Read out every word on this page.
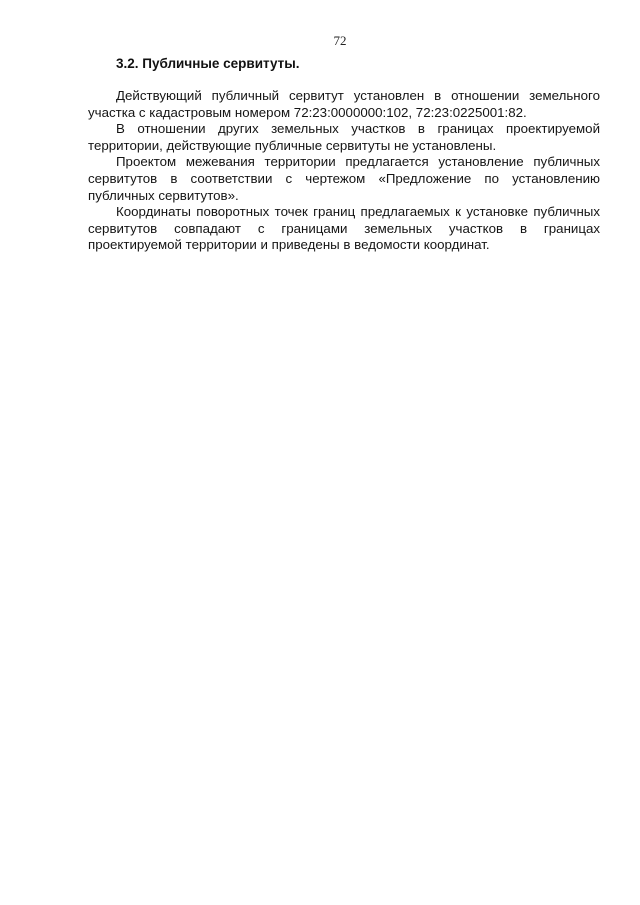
72
3.2. Публичные сервитуты.

Действующий публичный сервитут установлен в отношении земельного участка с кадастровым номером 72:23:0000000:102, 72:23:0225001:82.

В отношении других земельных участков в границах проектируемой территории, действующие публичные сервитуты не установлены.

Проектом межевания территории предлагается установление публичных сервитутов в соответствии с чертежом «Предложение по установлению публичных сервитутов».

Координаты поворотных точек границ предлагаемых к установке публичных сервитутов совпадают с границами земельных участков в границах проектируемой территории и приведены в ведомости координат.
